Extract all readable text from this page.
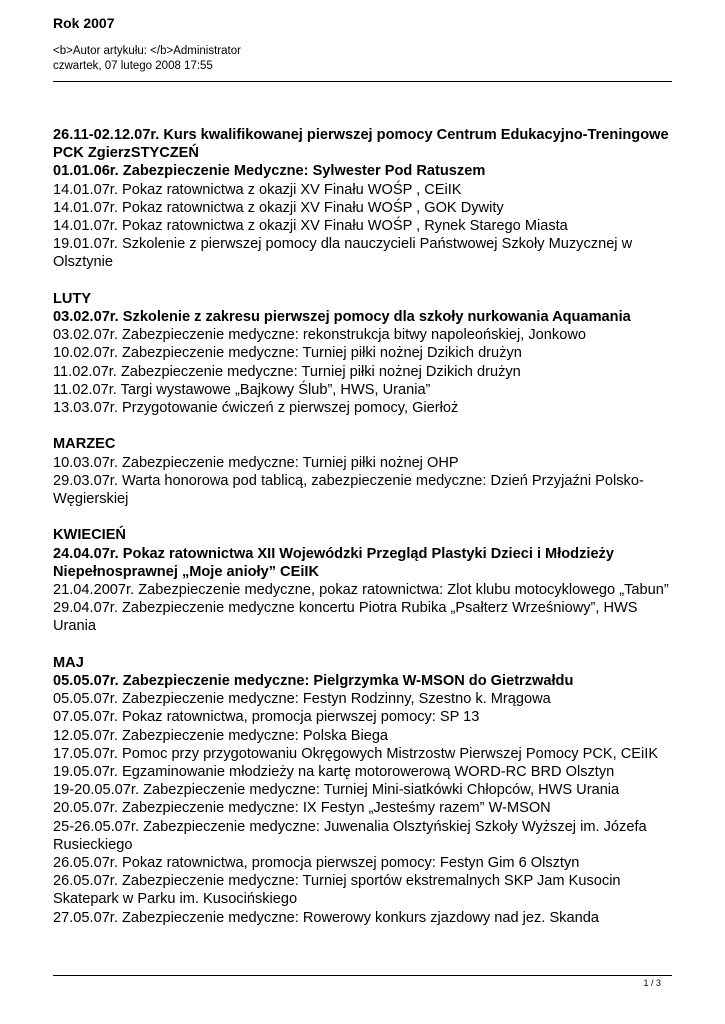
Rok 2007
<b>Autor artykułu: </b>Administrator
czwartek, 07 lutego 2008 17:55
26.11-02.12.07r. Kurs kwalifikowanej pierwszej pomocy Centrum Edukacyjno-Treningowe PCK ZgierzSTYCZEŃ
01.01.06r. Zabezpieczenie Medyczne: Sylwester Pod Ratuszem
14.01.07r. Pokaz ratownictwa z okazji XV Finału WOŚP , CEiIK
14.01.07r. Pokaz ratownictwa z okazji XV Finału WOŚP , GOK Dywity
14.01.07r. Pokaz ratownictwa z okazji XV Finału WOŚP , Rynek Starego Miasta
19.01.07r. Szkolenie z pierwszej pomocy dla nauczycieli Państwowej Szkoły Muzycznej w Olsztynie
LUTY
03.02.07r. Szkolenie z zakresu pierwszej pomocy dla szkoły nurkowania Aquamania
03.02.07r. Zabezpieczenie medyczne: rekonstrukcja bitwy napoleońskiej, Jonkowo
10.02.07r. Zabezpieczenie medyczne: Turniej piłki nożnej Dzikich drużyn
11.02.07r. Zabezpieczenie medyczne: Turniej piłki nożnej Dzikich drużyn
11.02.07r. Targi wystawowe „Bajkowy Ślub”, HWS, Urania”
13.03.07r. Przygotowanie ćwiczeń z pierwszej pomocy, Gierłoż
MARZEC
10.03.07r. Zabezpieczenie medyczne: Turniej piłki nożnej OHP
29.03.07r. Warta honorowa pod tablicą, zabezpieczenie medyczne: Dzień Przyjaźni Polsko-Węgierskiej
KWIECIEŃ
24.04.07r. Pokaz ratownictwa XII Wojewódzki Przegląd Plastyki Dzieci i Młodzieży Niepełnosprawnej „Moje anioły” CEiIK
21.04.2007r. Zabezpieczenie medyczne, pokaz ratownictwa: Zlot klubu motocyklowego „Tabun”
29.04.07r. Zabezpieczenie medyczne koncertu Piotra Rubika „Psałterz Wrześniowy”, HWS Urania
MAJ
05.05.07r. Zabezpieczenie medyczne: Pielgrzymka W-MSON do Gietrzwałdu
05.05.07r. Zabezpieczenie medyczne: Festyn Rodzinny, Szestno k. Mrągowa
07.05.07r. Pokaz ratownictwa, promocja pierwszej pomocy: SP 13
12.05.07r. Zabezpieczenie medyczne: Polska Biega
17.05.07r. Pomoc przy przygotowaniu Okręgowych Mistrzostw Pierwszej Pomocy PCK, CEiIK
19.05.07r. Egzaminowanie młodzieży na kartę motorowerową WORD-RC BRD Olsztyn
19-20.05.07r. Zabezpieczenie medyczne: Turniej Mini-siatkówki Chłopców, HWS Urania
20.05.07r. Zabezpieczenie medyczne: IX Festyn „Jesteśmy razem” W-MSON
25-26.05.07r. Zabezpieczenie medyczne: Juwenalia Olsztyńskiej Szkoły Wyższej im. Józefa Rusieckiego
26.05.07r. Pokaz ratownictwa, promocja pierwszej pomocy: Festyn Gim 6 Olsztyn
26.05.07r. Zabezpieczenie medyczne: Turniej sportów ekstremalnych SKP Jam Kusocin Skatepark w Parku im. Kusocińskiego
27.05.07r. Zabezpieczenie medyczne: Rowerowy konkurs zjazdowy nad jez. Skanda
1 / 3
